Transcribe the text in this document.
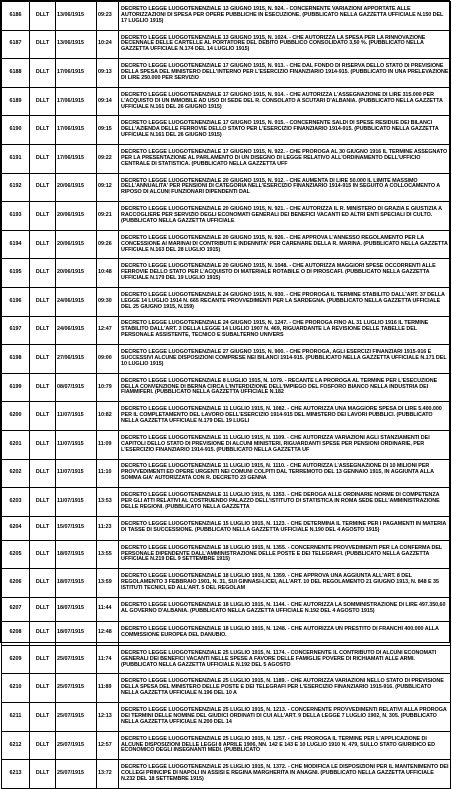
6186	DLLT	13/06/1915	09:23	DECRETO LEGGE LUOGOTENENZIALE 13 GIUGNO 1915, N. 924. - CONCERNENTE VARIAZIONI APPORTATE ALLE AUTORIZZAZIONI DI SPESA PER OPERE PUBBLICHE IN ESECUZIONE. (PUBBLICATO NELLA GAZZETTA UFFICIALE N.150 DEL 17 LUGLIO 1915)
6187	DLLT	13/06/1915	10:24	DECRETO LEGGE LUOGOTENENZIALE 13 GIUGNO 1915, N. 1024. - CHE AUTORIZZA LA SPESA PER LA RINNOVAZIONE DECENNALE DELLE CARTELLE AL PORTATORE DEL DEBITO PUBBLICO CONSOLIDATO 3,50 %. (PUBBLICATO NELLA GAZZETTA UFFICIALE N.174 DEL 14 LUGLIO 1915)
6188	DLLT	17/06/1915	09:13	DECRETO LEGGE LUOGOTENENZIALE 17 GIUGNO 1915, N. 913. - CHE DAL FONDO DI RISERVA DELLO STATO DI PREVISIONE DELLA SPESA DEL MINISTERO DELL'INTERNO PER L'ESERCIZIO FINANZIARIO 1914-915. (PUBBLICATO IN UNA PRELEVAZIONE DI LIRE 250.000 PER SERVIZIO
6189	DLLT	17/06/1915	09:14	DECRETO LEGGE LUOGOTENENZIALE 17 GIUGNO 1915, N. 914. - CHE AUTORIZZA L'ASSEGNAZIONE DI LIRE 315.000 PER L'ACQUISTO DI UN IMMOBILE AD USO DI SEDE DEL R. CONSOLATO A SCUTARI D'ALBANIA. (PUBBLICATO NELLA GAZZETTA UFFICIALE N.161 DEL 26 GIUGNO 1915)
6190	DLLT	17/06/1915	09:15	DECRETO LEGGE LUOGOTENENZIALE 17 GIUGNO 1915, N. 915. - CONCERNENTE SALDI DI SPESE RESIDUE DEI BILANCI DELL'AZIENDA DELLE FERROVIE DELLO STATO PER L'ESERCIZIO FINANZIARIO 1914-915. (PUBBLICATO NELLA GAZZETTA UFFICIALE N.161 DEL 26 GIUGNO 1915)
6191	DLLT	17/06/1915	09:22	DECRETO LEGGE LUOGOTENENZIALE 17 GIUGNO 1915, N. 922. - CHE PROROGA AL 30 GIUGNO 1916 IL TERMINE ASSEGNATO PER LA PRESENTAZIONE AL PARLAMENTO DI UN DISEGNO DI LEGGE RELATIVO ALL'ORDINAMENTO DELL'UFFICIO CENTRALE DI STATISTICA. (PUBBLICATO NELLA GAZZETTA UFF
6192	DLLT	20/06/1915	09:12	DECRETO LEGGE LUOGOTENENZIALE 20 GIUGNO 1915, N. 912. - CHE AUMENTA DI LIRE 50.000 IL LIMITE MASSIMO DELL'ANNUALITA' PER PENSIONI DI CATEGORIA NELL'ESERCIZIO FINANZIARIO 1914-915 IN SEGUITO A COLLOCAMENTO A RIPOSO DI ALCUNI FUNZIONARI DIPENDENTI DAL
6193	DLLT	20/06/1915	09:21	DECRETO LEGGE LUOGOTENENZIALE 20 GIUGNO 1915, N. 921. - CHE AUTORIZZA IL R. MINISTERO DI GRAZIA E GIUSTIZIA A RACCOGLIERE PER SERVIZIO DEGLI ECONOMATI GENERALI DEI BENEFICI VACANTI ED ALTRI ENTI SPECIALI DI CULTO. (PUBBLICATO NELLA GAZZETTA UFFICIALE
6194	DLLT	20/06/1915	09:26	DECRETO LEGGE LUOGOTENENZIALE 20 GIUGNO 1915, N. 926. - CHE APPROVA L'ANNESSO REGOLAMENTO PER LA CONCESSIONE AI MARINAI DI CONTRIBUTI E INDENNITA' PER CARENARE DELLA R. MARINA. (PUBBLICATO NELLA GAZZETTA UFFICIALE N.163 DEL 28 LUGLIO 1915)
6195	DLLT	20/06/1915	10:48	DECRETO LEGGE LUOGOTENENZIALE 20 GIUGNO 1915, N. 1048. - CHE AUTORIZZA MAGGIORI SPESE OCCORRENTI ALLE FERROVIE DELLO STATO PER L'ACQUISTO DI MATERIALE ROTABILE O DI PIROSCAFI. (PUBBLICATO NELLA GAZZETTA UFFICIALE N.179 DEL 19 LUGLIO 1915)
6196	DLLT	24/06/1915	09:30	DECRETO LEGGE LUOGOTENENZIALE 24 GIUGNO 1915, N. 930. - CHE PROROGA IL TERMINE STABILITO DALL'ART. 37 DELLA LEGGE 14 LUGLIO 1914 N. 665 RECANTE PROVVEDIMENTI PER LA SARDEGNA. (PUBBLICATO NELLA GAZZETTA UFFICIALE DEL 25 GIUGNO 1915, N.159)
6197	DLLT	24/06/1915	12:47	DECRETO LEGGE LUOGOTENENZIALE 24 GIUGNO 1915, N. 1247. - CHE PROROGA FINO AL 31 LUGLIO 1916 IL TERMINE STABILITO DALL'ART. 3 DELLA LEGGE 14 LUGLIO 1907 N. 469, RIGUARDANTE LA REVISIONE DELLE TABELLE DEL PERSONALE ASSISTENTE, TECNICO E SUBALTERNO UNIVERS
6198	DLLT	27/06/1915	09:00	DECRETO LEGGE LUOGOTENENZIALE 27 GIUGNO 1915, N. 900. - CHE PROROGA, AGLI ESERCIZI FINANZIARI 1915-916 E SUCCESSIVI ALCUNE DISPOSIZIONI COMPRESE NEI BILANCI 1914-915. (PUBBLICATO NELLA GAZZETTA UFFICIALE N.171 DEL 10 LUGLIO 1915)
6199	DLLT	08/07/1915	10:79	DECRETO LEGGE LUOGOTENENZIALE 8 LUGLIO 1915, N. 1079. - RECANTE LA PROROGA AL TERMINE PER L'ESECUZIONE DELLA CONVENZIONE DI BERNA CIRCA L'INTERDIZIONE DELL'IMPIEGO DEL FOSFORO BIANCO NELLA INDUSTRIA DEI FIAMMIFERI. (PUBBLICATO NELLA GAZZETTA UFFICIALE N.182
6200	DLLT	11/07/1915	10:82	DECRETO LEGGE LUOGOTENENZIALE 11 LUGLIO 1915, N. 1082. - CHE AUTORIZZA UNA MAGGIORE SPESA DI LIRE 5.400.000 PER IL COMPLETAMENTO DEL LAVORO DELL'ESERCIZIO 1914-915 DEL MINISTERO DEI LAVORI PUBBLICI. (PUBBLICATO NELLA GAZZETTA UFFICIALE N.179 DEL 19 LUGLI
6201	DLLT	11/07/1915	11:09	DECRETO LEGGE LUOGOTENENZIALE 11 LUGLIO 1915, N. 1109. - CHE AUTORIZZA VARIAZIONI AGLI STANZIAMENTI DEI CAPITOLI DELLO STATO DI PREVISIONE DI ALCUNI MINISTERI, RIGUARDANTI SPESE PER PENSIONI ORDINARIE, PER L'ESERCIZIO FINANZIARIO 1914-915. (PUBBLICATO NELLA GAZZETTA UF
6202	DLLT	11/07/1915	11:10	DECRETO LEGGE LUOGOTENENZIALE 11 LUGLIO 1915, N. 1110. - CHE AUTORIZZA L'ASSEGNAZIONE DI 10 MILIONI PER PROVVEDIMENTI ED OPERE URGENTI NEI COMUNI COLPITI DAL TERREMOTO DEL 13 GENNAIO 1915, IN AGGIUNTA ALLA SOMMA GIA' AUTORIZZATA CON R. DECRETO 23 GENNA
6203	DLLT	11/07/1915	13:53	DECRETO LEGGE LUOGOTENENZIALE 11 LUGLIO 1915, N. 1353. - CHE DEROGA ALLE ORDINARIE NORME DI COMPETENZA PER GLI ATTI RELATIVI AL COSTRUENDO PALAZZO DELL'ISTITUTO DI STATISTICA IN ROMA SEDE DELL'AMMINISTRAZIONE DELLE REGIONI. (PUBBLICATO NELLA GAZZETTA
6204	DLLT	15/07/1915	11:23	DECRETO LEGGE LUOGOTENENZIALE 15 LUGLIO 1915, N. 1123. - CHE DETERMINA IL TERMINE PER I PAGAMENTI IN MATERIA DI TASSE DI SUCCESSIONE. (PUBBLICATO NELLA GAZZETTA UFFICIALE N.190 DEL 4 AGOSTO 1915)
6205	DLLT	18/07/1915	13:55	DECRETO LEGGE LUOGOTENENZIALE 18 LUGLIO 1915, N. 1355. - CONCERNENTE PROVVEDIMENTI PER LA CONFERMA DEL PERSONALE DIPENDENTE DALL'AMMINISTRAZIONE DELLE POSTE E DEI TELEGRAFI. (PUBBLICATO NELLA GAZZETTA UFFICIALE N.219 DEL 9 SETTEMBRE 1915)
6206	DLLT	18/07/1915	13:59	DECRETO LEGGE LUOGOTENENZIALE 18 LUGLIO 1915, N. 1359. - CHE APPROVA UNA AGGIUNTA ALL'ART. 8 DEL REGOLAMENTO 3 FEBBRAIO 1901, N. 31, SUI GINNASI-LICEI, ALL'ART. 10 DEL REGOLAMENTO 21 GIUGNO 1913, N. 848 E 35 ISTITUTI TECNICI, ED ALL'ART. 5 DEL REGOLAM
6207	DLLT	18/07/1915	11:44	DECRETO LEGGE LUOGOTENENZIALE 18 LUGLIO 1915, N. 1144. - CHE AUTORIZZA LA SOMMINISTRAZIONE DI LIRE 497.350,60 AL GOVERNO D'ALBANIA. (PUBBLICATO NELLA GAZZETTA UFFICIALE N.192 DEL 4 AGOSTO 1915)
6208	DLLT	18/07/1915	12:48	DECRETO LEGGE LUOGOTENENZIALE 18 LUGLIO 1915, N. 1248. - CHE AUTORIZZA UN PRESTITO DI FRANCHI 400.000 ALLA COMMISSIONE EUROPEA DEL DANUBIO.
6209	DLLT	25/07/1915	11:74	DECRETO LEGGE LUOGOTENENZIALE 25 LUGLIO 1915, N. 1174. - CONCERNENTE IL CONTRIBUTO DI ALCUNI ECONOMATI GENERALI DEI BENEFICI VACANTI NELLE SPESE A FAVORE DELLE FAMIGLIE POVERE DI RICHIAMATI ALLE ARMI. (PUBBLICATO NELLA GAZZETTA UFFICIALE N.192 DEL 5 AGOSTO
6210	DLLT	25/07/1915	11:89	DECRETO LEGGE LUOGOTENENZIALE 25 LUGLIO 1915, N. 1189. - CHE AUTORIZZA VARIAZIONI NELLO STATO DI PREVISIONE DELLA SPESA DEL MINISTERO DELLE POSTE E DEI TELEGRAFI PER L'ESERCIZIO FINANZIARIO 1915-916. (PUBBLICATO NELLA GAZZETTA UFFICIALE N.196 DEL 10 A
6211	DLLT	25/07/1915	12:13	DECRETO LEGGE LUOGOTENENZIALE 25 LUGLIO 1915, N. 1213. - CONCERNENTE PROVVEDIMENTI RELATIVI ALLA PROROGA DEI TERMINI DELLE NOMINE DEL GIUDICI ORDINATI DI CUI ALL'ART. 9 DELLA LEGGE 7 LUGLIO 1902, N. 305. (PUBBLICATO NELLA GAZZETTA UFFICIALE N.200 DEL 14
6212	DLLT	25/07/1915	12:57	DECRETO LEGGE LUOGOTENENZIALE 25 LUGLIO 1915, N. 1257. - CHE PROROGA IL TERMINE PER L'APPLICAZIONE DI ALCUNE DISPOSIZIONI DELLE LEGGI 8 APRILE 1906, NN. 142 E 143 E 10 LUGLIO 1910 N. 479, SULLO STATO GIURIDICO ED ECONOMICO DEGLI INSEGNANTI MEDI. (PUBBLICATO
6213	DLLT	25/07/1915	13:72	DECRETO LEGGE LUOGOTENENZIALE 25 LUGLIO 1915, N. 1372. - CHE MODIFICA LE DISPOSIZIONI PER IL MANTENIMENTO DEI COLLEGI PRINCIPE DI NAPOLI IN ASSISI E REGINA MARGHERITA IN ANAGNI. (PUBBLICATO NELLA GAZZETTA UFFICIALE N.232 DEL 18 SETTEMBRE 1915)
